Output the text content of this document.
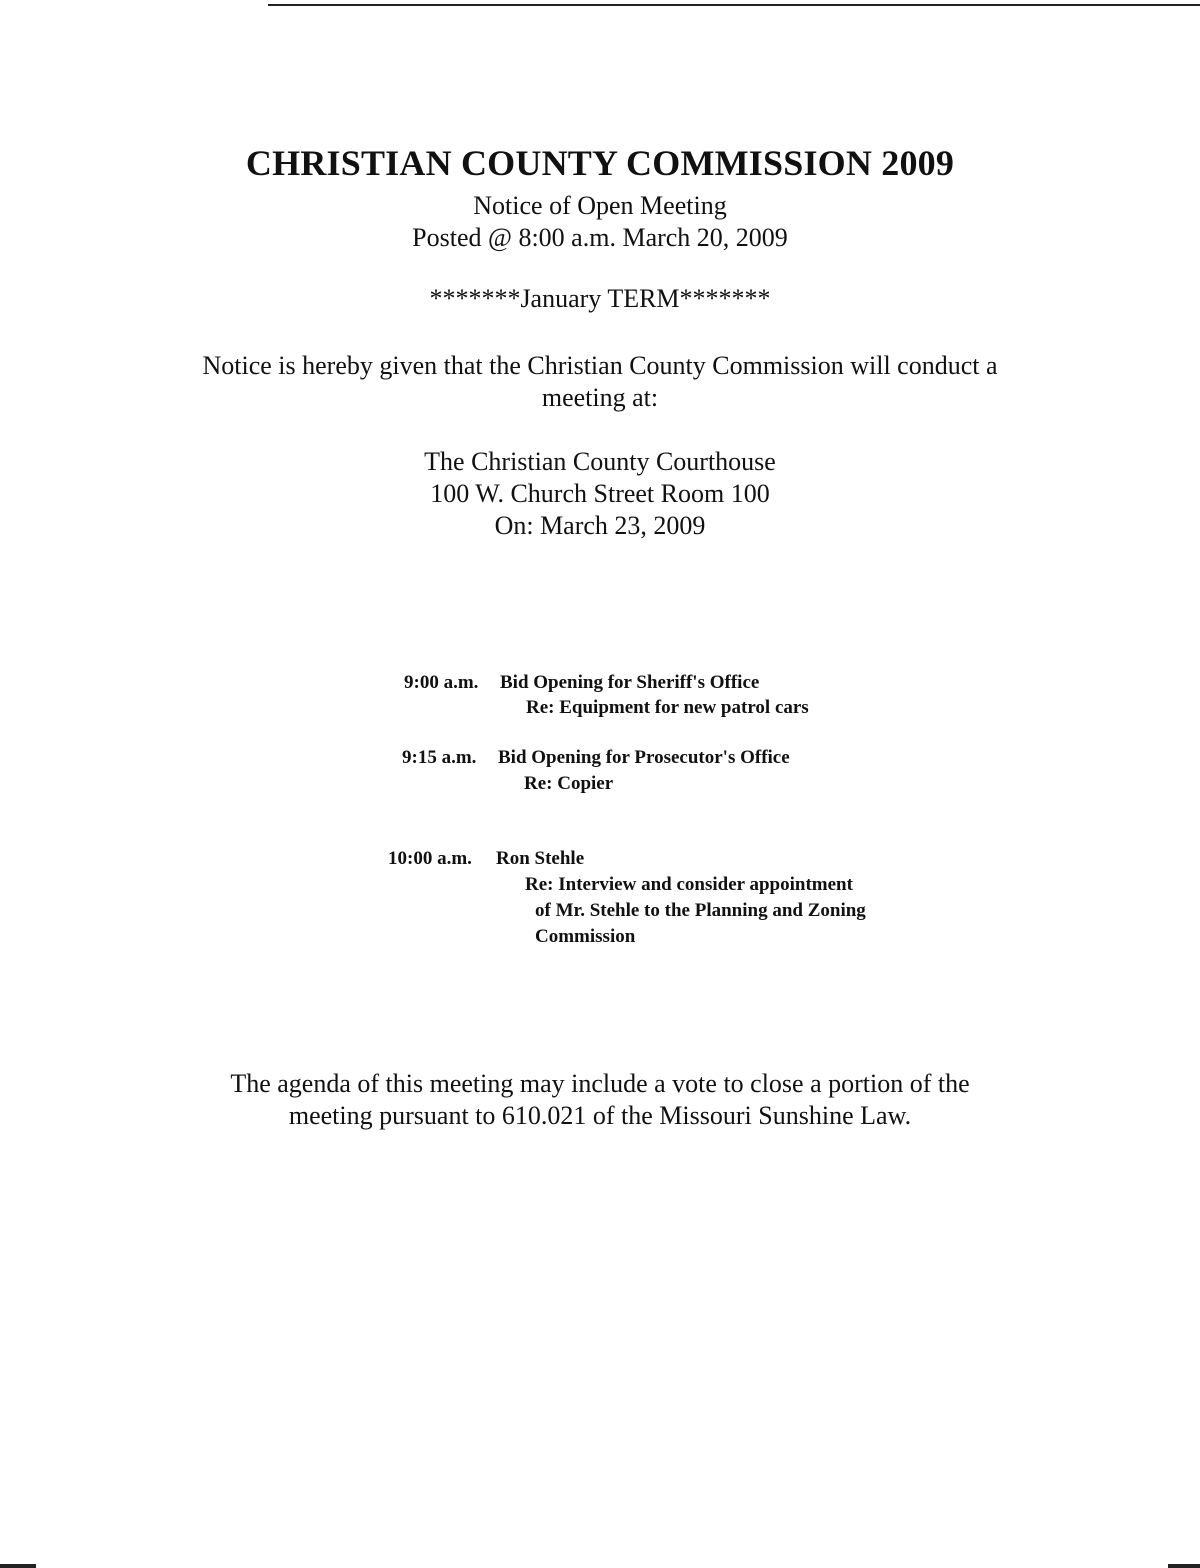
CHRISTIAN COUNTY COMMISSION 2009
Notice of Open Meeting
Posted @ 8:00 a.m. March 20, 2009
*******January TERM*******
Notice is hereby given that the Christian County Commission will conduct a
meeting at:
The Christian County Courthouse
100 W. Church Street Room 100
On: March 23, 2009
9:00 a.m. Bid Opening for Sheriff's Office
Re: Equipment for new patrol cars
9:15 a.m. Bid Opening for Prosecutor's Office
Re: Copier
10:00 a.m. Ron Stehle
Re: Interview and consider appointment
of Mr. Stehle to the Planning and Zoning
Commission
The agenda of this meeting may include a vote to close a portion of the
meeting pursuant to 610.021 of the Missouri Sunshine Law.
